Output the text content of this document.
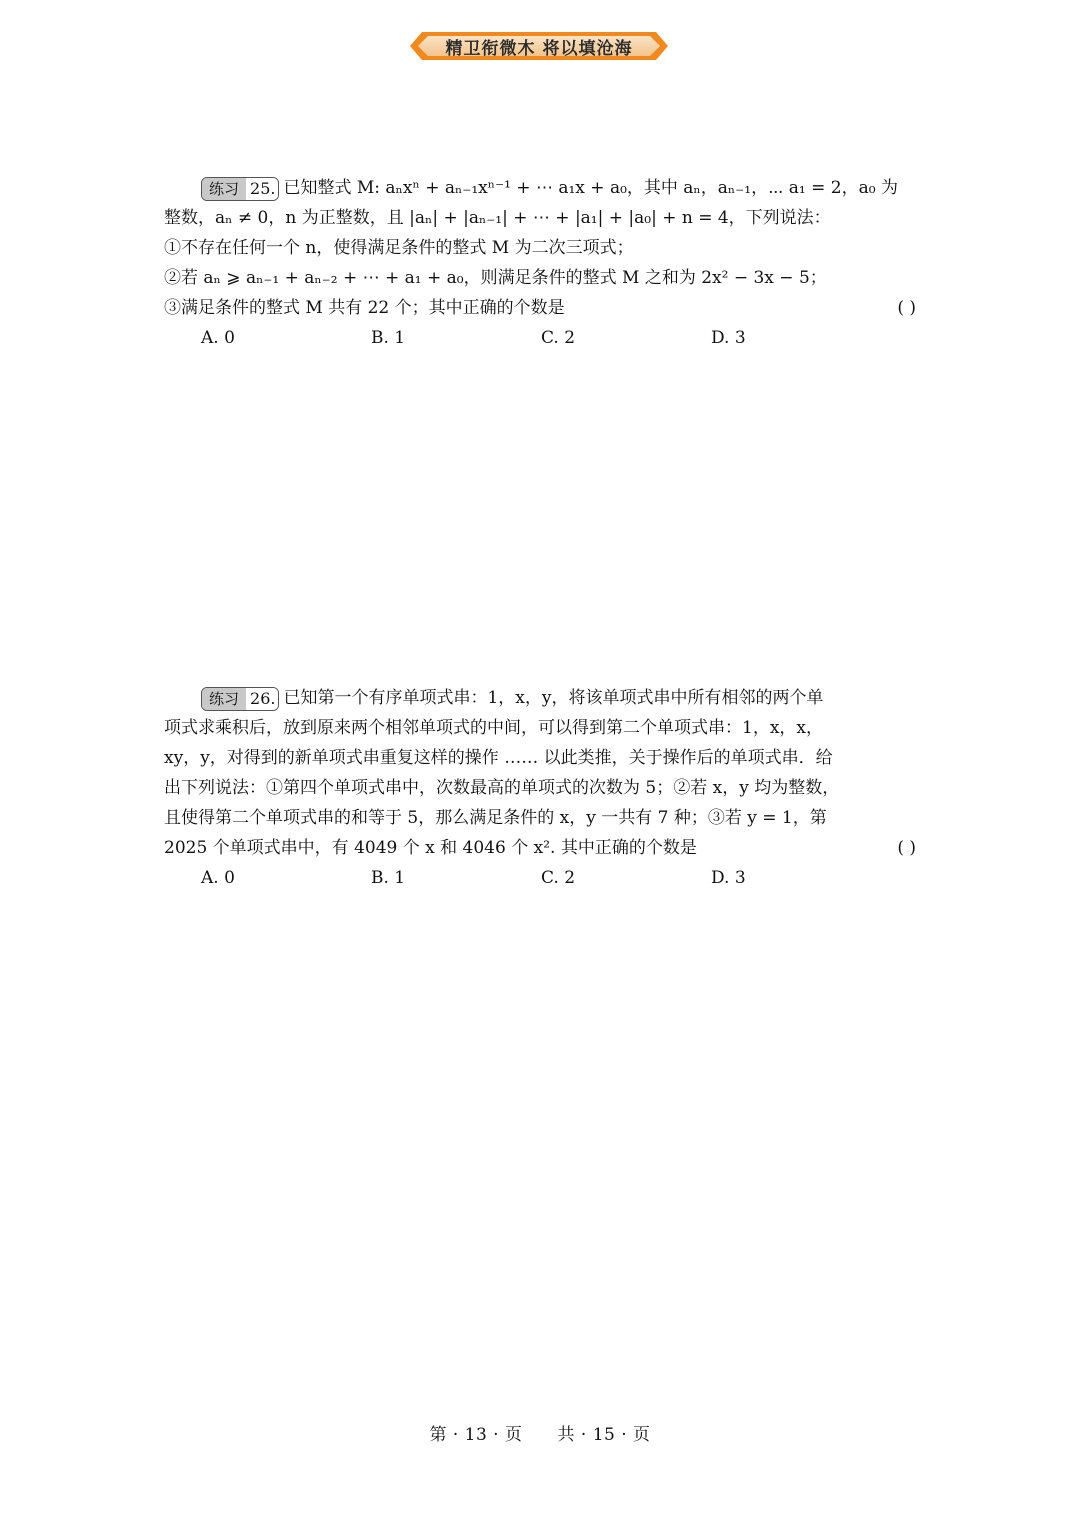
精卫衔微木 将以填沧海
练习 25. 已知整式 M: aₙxⁿ + aₙ₋₁xⁿ⁻¹ + ⋯ a₁x + a₀，其中 aₙ，aₙ₋₁，⋯ a₁ = 2，a₀ 为
整数，aₙ ≠ 0，n 为正整数，且 |aₙ| + |aₙ₋₁| + ⋯ + |a₁| + |a₀| + n = 4，下列说法：
①不存在任何一个 n，使得满足条件的整式 M 为二次三项式；
②若 aₙ ⩾ aₙ₋₁ + aₙ₋₂ + ⋯ + a₁ + a₀，则满足条件的整式 M 之和为 2x² − 3x − 5；
③满足条件的整式 M 共有 22 个；其中正确的个数是	( )
A. 0	B. 1	C. 2	D. 3
练习 26. 已知第一个有序单项式串：1，x，y，将该单项式串中所有相邻的两个单
项式求乘积后，放到原来两个相邻单项式的中间，可以得到第二个单项式串：1，x，x，
xy，y，对得到的新单项式串重复这样的操作 …… 以此类推，关于操作后的单项式串．给
出下列说法：①第四个单项式串中，次数最高的单项式的次数为 5；②若 x，y 均为整数，
且使得第二个单项式串的和等于 5，那么满足条件的 x，y 一共有 7 种；③若 y = 1，第
2025 个单项式串中，有 4049 个 x 和 4046 个 x². 其中正确的个数是	( )
A. 0	B. 1	C. 2	D. 3
第 · 13 · 页　　共 · 15 · 页
